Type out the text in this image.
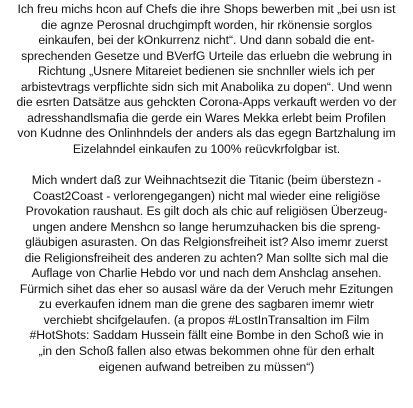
Ich freu michs hcon auf Chefs die ihre Shops bewerben mit „bei usn ist
die agnze Perosnal druchgimpft worden, hir rkönensie sorglos
einkaufen, bei der kOnkurrenz nicht“. Und dann sobald die ent-
sprechenden Gesetze und BVerfG Urteile das erluebn die webrung in
Richtung „Usnere Mitareiet bedienen sie snchnller wiels ich per
arbistevtrags verpflichte sidn sich mit Anabolika zu dopen“. Und wenn
die esrten Datsätze aus gehckten Corona-Apps verkauft werden vo der
adresshandlsmafia die gerde ein Wares Mekka erlebt beim Profilen
von Kudnne des Onlinhndels der anders als das egegn Bartzhalung im
Eizelahndel einkaufen zu 100% reücvkrfolgbar ist.
Mich wndert daß zur Weihnachtsezit die Titanic (beim überstezn -
Coast2Coast - verlorengegangen) nicht mal wieder eine religiöse
Provokation raushaut. Es gilt doch als chic auf religiösen Überzeug-
ungen andere Menshcn so lange herumzuhacken bis die spreng-
gläubigen asurasten. On das Relgionsfreiheit ist? Also imemr zuerst
die Religionsfreiheit des anderen zu achten? Man sollte sich mal die
Auflage von Charlie Hebdo vor und nach dem Anshclag ansehen.
Fürmich sihet das eher so ausasl wäre da der Veruch mehr Ezitungen
zu everkaufen idnem man die grene des sagbaren imemr wietr
verchiebt shcifgelaufen. (a propos #LostInTransaltion im Film
#HotShots: Saddam Hussein fällt eine Bombe in den Schoß wie in
„in den Schoß fallen also etwas bekommen ohne für den erhalt
eigenen aufwand betreiben zu müssen“)
